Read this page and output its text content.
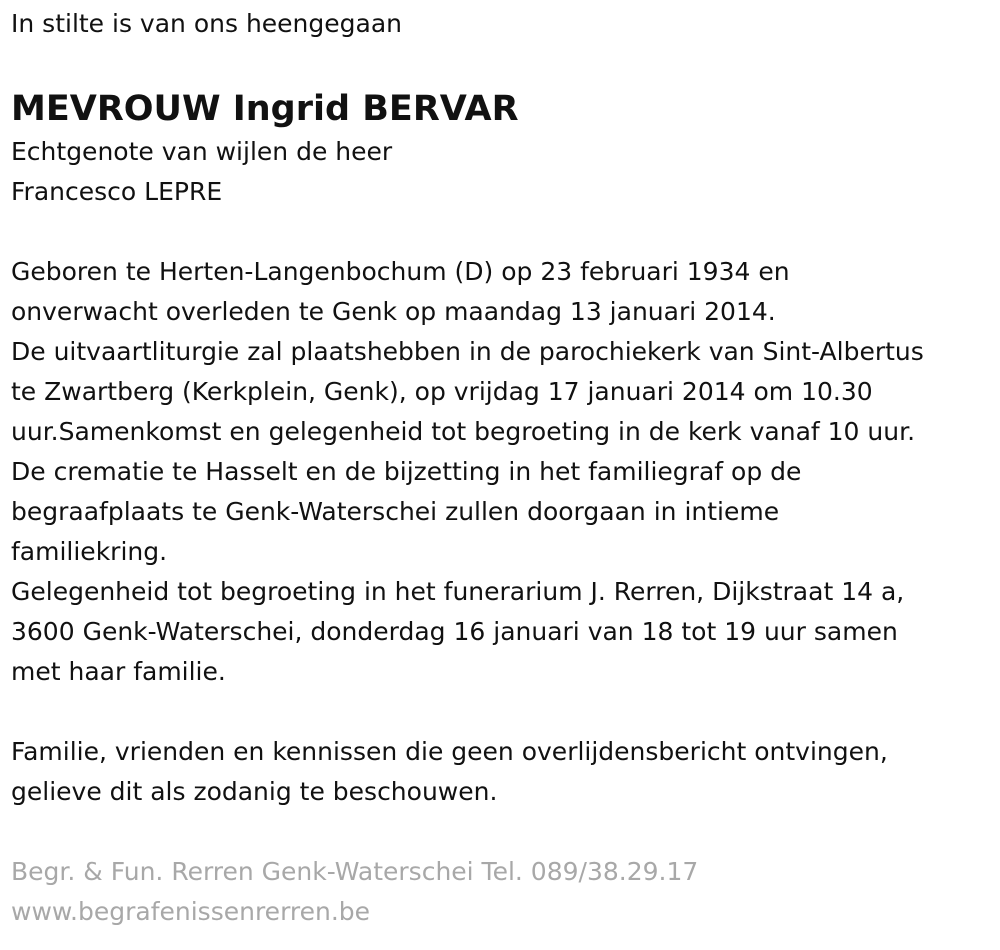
In stilte is van ons heengegaan
MEVROUW Ingrid BERVAR
Echtgenote van wijlen de heer
Francesco LEPRE
Geboren te Herten-Langenbochum (D) op 23 februari 1934 en
onverwacht overleden te Genk op maandag 13 januari 2014.
De uitvaartliturgie zal plaatshebben in de parochiekerk van Sint-Albertus
te Zwartberg (Kerkplein, Genk), op vrijdag 17 januari 2014 om 10.30
uur.Samenkomst en gelegenheid tot begroeting in de kerk vanaf 10 uur.
De crematie te Hasselt en de bijzetting in het familiegraf op de
begraafplaats te Genk-Waterschei zullen doorgaan in intieme
familiekring.
Gelegenheid tot begroeting in het funerarium J. Rerren, Dijkstraat 14 a,
3600 Genk-Waterschei, donderdag 16 januari van 18 tot 19 uur samen
met haar familie.
Familie, vrienden en kennissen die geen overlijdensbericht ontvingen,
gelieve dit als zodanig te beschouwen.
Begr. & Fun. Rerren Genk-Waterschei Tel. 089/38.29.17
www.begrafenissenrerren.be
